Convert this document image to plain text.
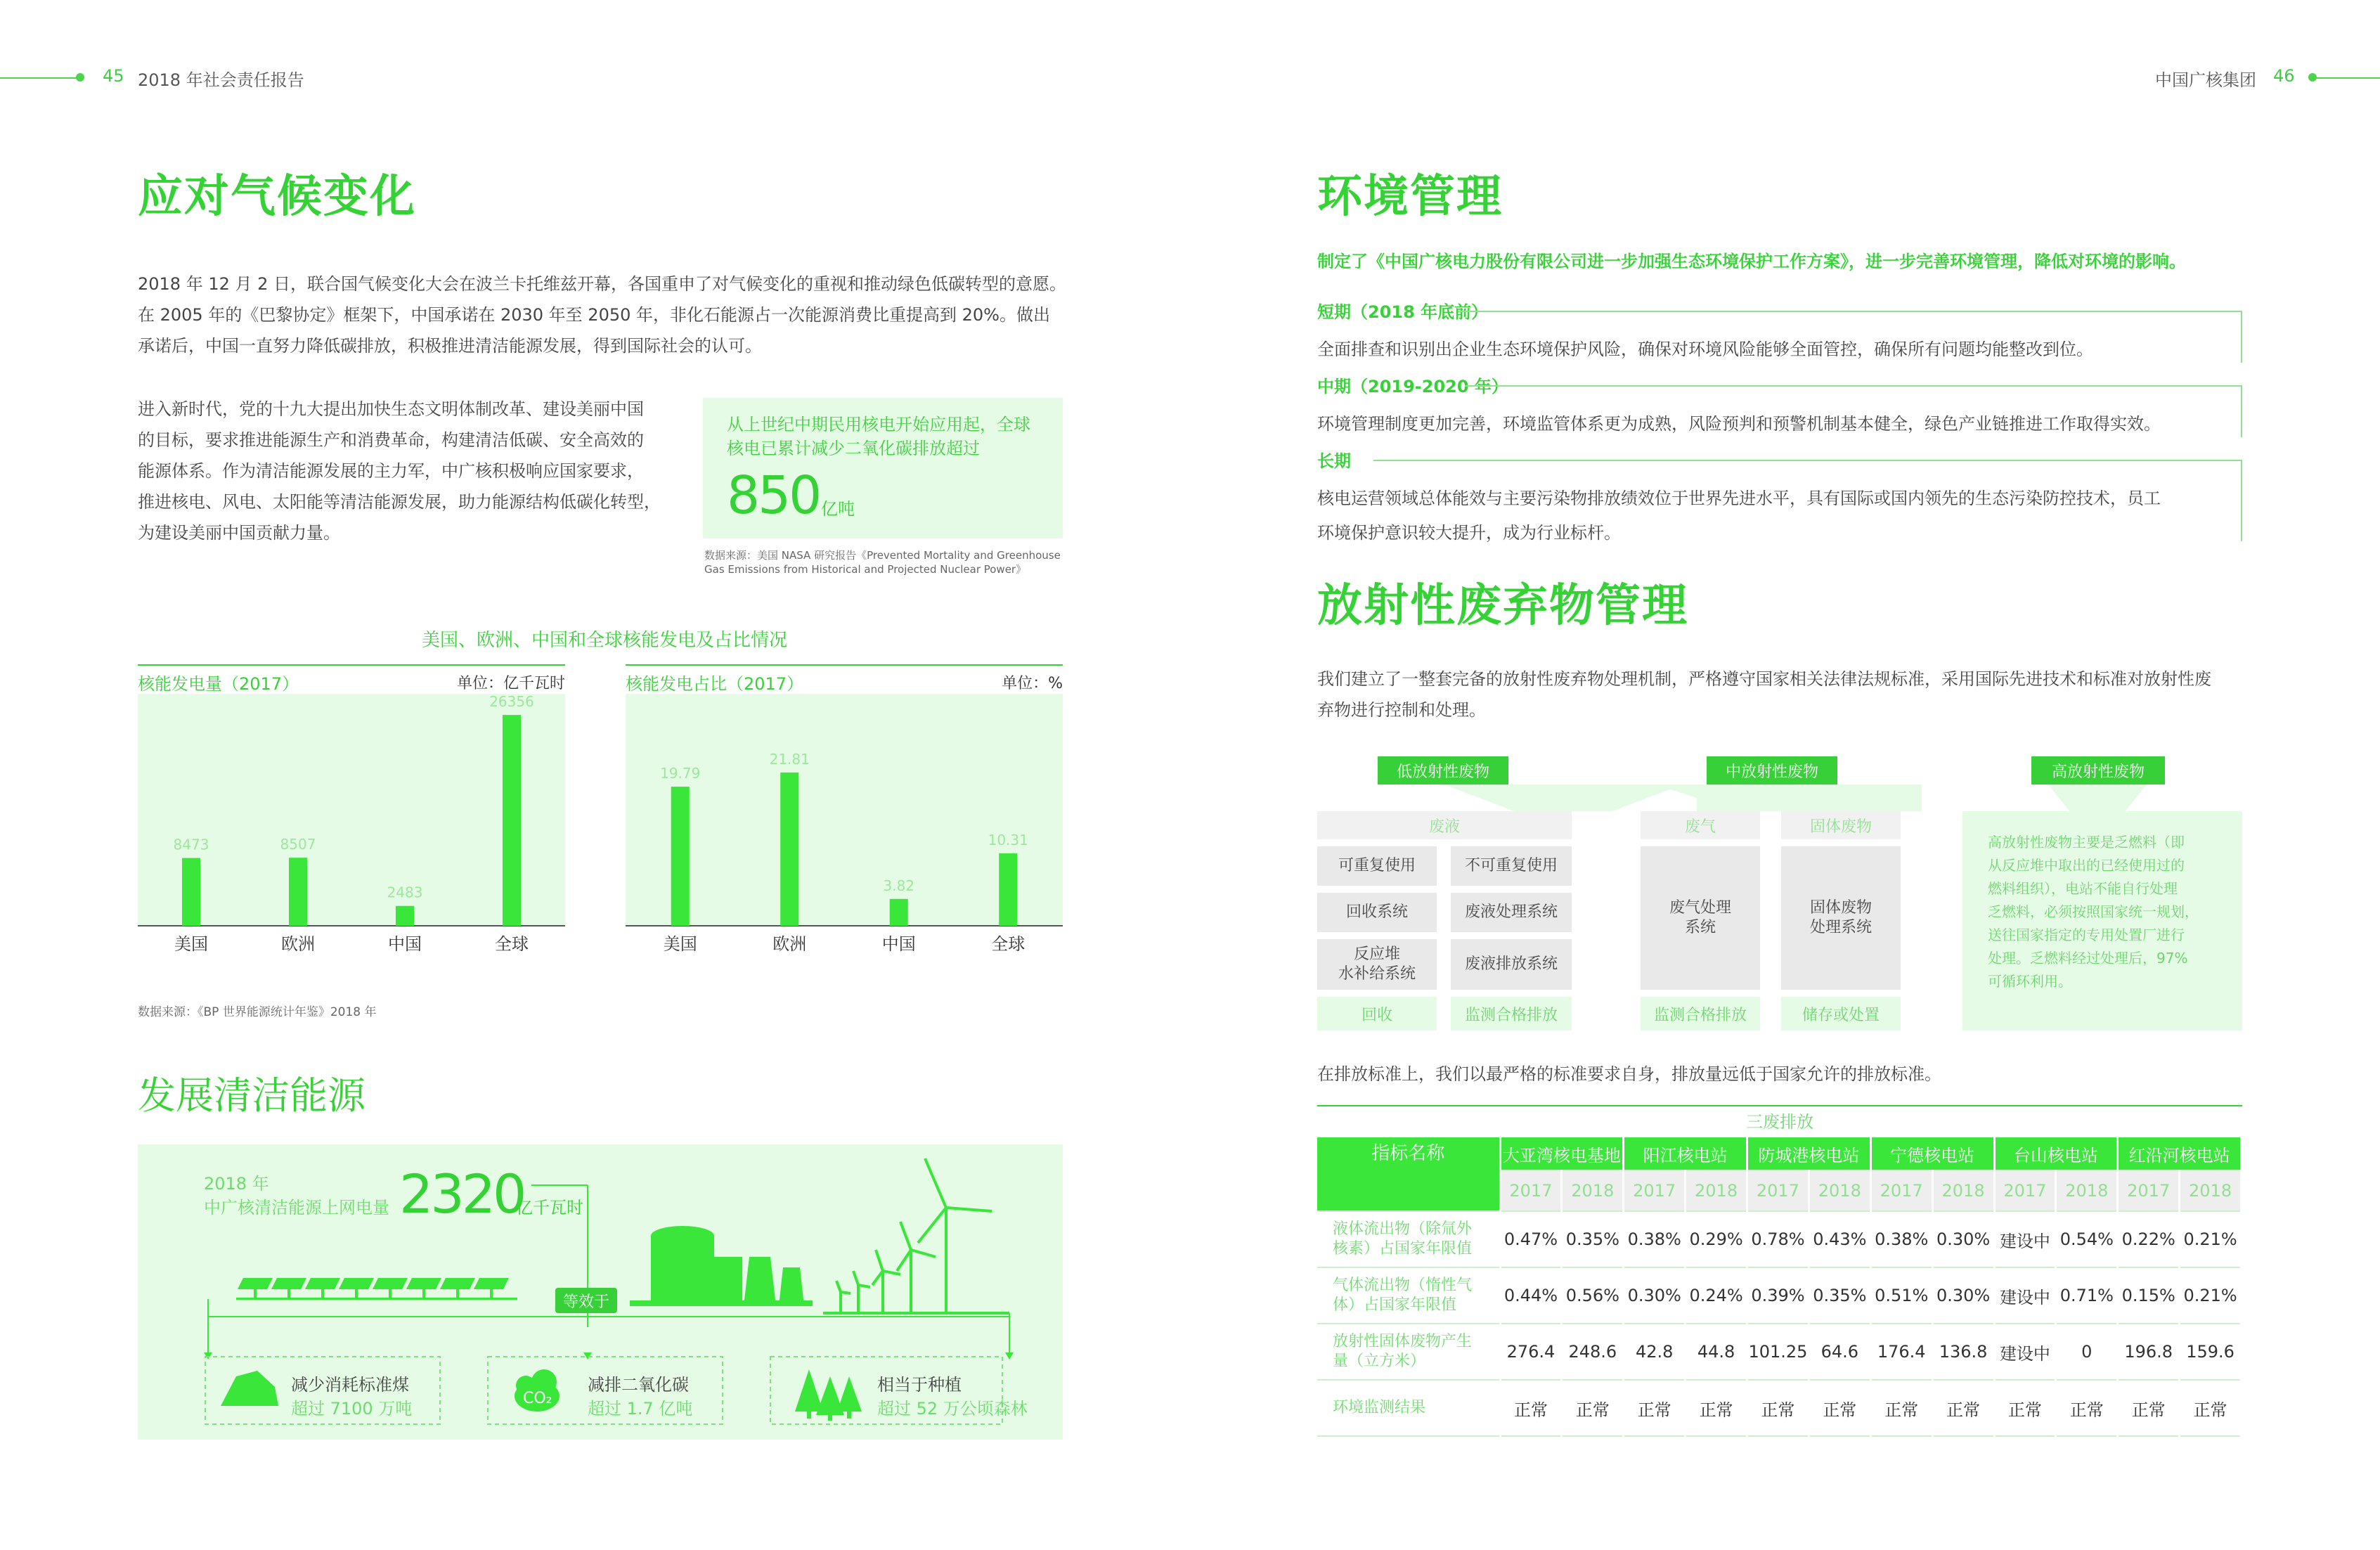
45 2018 年社会责任报告	中国广核集团 46
应对气候变化
2018 年 12 月 2 日，联合国气候变化大会在波兰卡托维兹开幕，各国重申了对气候变化的重视和推动绿色低碳转型的意愿。
在 2005 年的《巴黎协定》框架下，中国承诺在 2030 年至 2050 年，非化石能源占一次能源消费比重提高到 20%。做出
承诺后，中国一直努力降低碳排放，积极推进清洁能源发展，得到国际社会的认可。
进入新时代，党的十九大提出加快生态文明体制改革、建设美丽中国
的目标，要求推进能源生产和消费革命，构建清洁低碳、安全高效的
能源体系。作为清洁能源发展的主力军，中广核积极响应国家要求，
推进核电、风电、太阳能等清洁能源发展，助力能源结构低碳化转型，
为建设美丽中国贡献力量。
从上世纪中期民用核电开始应用起，全球
核电已累计减少二氧化碳排放超过
850 亿吨
数据来源：美国 NASA 研究报告《Prevented Mortality and Greenhouse
Gas Emissions from Historical and Projected Nuclear Power》
美国、欧洲、中国和全球核能发电及占比情况
核能发电量（2017）	单位：亿千瓦时
8473
美国
8507
欧洲
2483
中国
26356
全球
核能发电占比（2017）	单位：%
19.79
美国
21.81
欧洲
3.82
中国
10.31
全球
数据来源：《BP 世界能源统计年鉴》2018 年
发展清洁能源
2018 年
中广核清洁能源上网电量 2320
亿千瓦时
CO₂
等效于
减少消耗标准煤
超过 7100 万吨
减排二氧化碳
超过 1.7 亿吨
相当于种植
超过 52 万公顷森林
环境管理
制定了《中国广核电力股份有限公司进一步加强生态环境保护工作方案》，进一步完善环境管理，降低对环境的影响。
短期（2018 年底前）
全面排查和识别出企业生态环境保护风险，确保对环境风险能够全面管控，确保所有问题均能整改到位。
中期（2019-2020 年）
环境管理制度更加完善，环境监管体系更为成熟，风险预判和预警机制基本健全，绿色产业链推进工作取得实效。
长期
核电运营领域总体能效与主要污染物排放绩效位于世界先进水平，具有国际或国内领先的生态污染防控技术，员工
环境保护意识较大提升，成为行业标杆。
放射性废弃物管理
我们建立了一整套完备的放射性废弃物处理机制，严格遵守国家相关法律法规标准，采用国际先进技术和标准对放射性废
弃物进行控制和处理。
低放射性废物	中放射性废物	高放射性废物
废液
可重复使用
回收系统
反应堆
水补给系统
不可重复使用
废液处理系统
废液排放系统
回收	监测合格排放
废气
废气处理
系统
监测合格排放
固体废物
固体废物
处理系统
储存或处置
高放射性废物主要是乏燃料（即
从反应堆中取出的已经使用过的
燃料组织），电站不能自行处理
乏燃料，必须按照国家统一规划，
送往国家指定的专用处置厂进行
处理。乏燃料经过处理后，97%
可循环利用。
在排放标准上，我们以最严格的标准要求自身，排放量远低于国家允许的排放标准。
三废排放
指标名称	大亚湾核电基地		阳江核电站		防城港核电站		宁德核电站		台山核电站		红沿河核电站	
	2017	2018	2017	2018	2017	2018	2017	2018	2017	2018	2017	2018

液体流出物（除氚外
核素）占国家年限值	0.47%	0.35%	0.38%	0.29%	0.78%	0.43%	0.38%	0.30%	建设中	0.54%	0.22%	0.21%

气体流出物（惰性气
体）占国家年限值	0.44%	0.56%	0.30%	0.24%	0.39%	0.35%	0.51%	0.30%	建设中	0.71%	0.15%	0.21%

放射性固体废物产生
量（立方米）	276.4	248.6	42.8	44.8	101.25	64.6	176.4	136.8	建设中	0	196.8	159.6

环境监测结果	正常	正常	正常	正常	正常	正常	正常	正常	正常	正常	正常	正常
